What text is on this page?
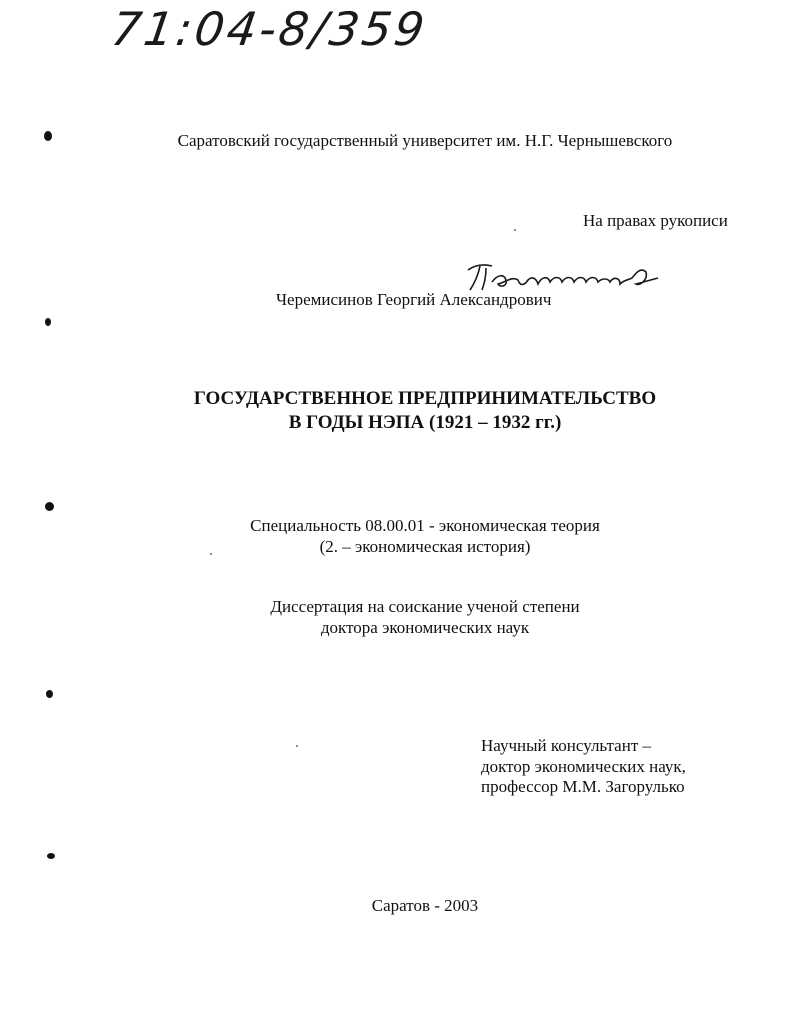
71:04-8/359
Саратовский государственный университет им. Н.Г. Чернышевского
На правах рукописи
Черемисинов
Черемисинов Георгий Александрович
ГОСУДАРСТВЕННОЕ ПРЕДПРИНИМАТЕЛЬСТВО
В ГОДЫ НЭПА (1921 – 1932 гг.)
Специальность 08.00.01 - экономическая теория
(2. – экономическая история)
Диссертация на соискание ученой степени
доктора экономических наук
Научный консультант –
доктор экономических наук,
профессор М.М. Загорулько
Саратов - 2003
